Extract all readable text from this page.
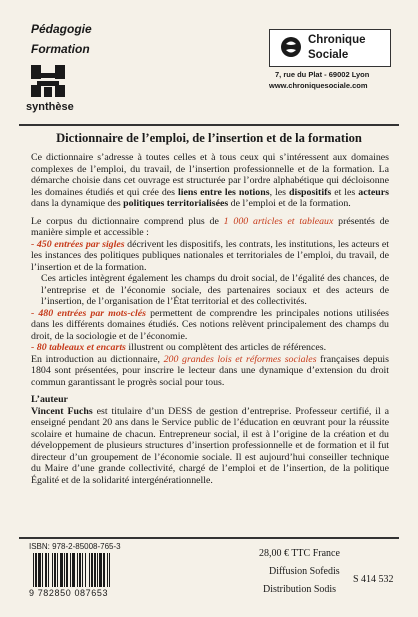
Pédagogie
Formation
synthèse
Chronique
Sociale
7, rue du Plat - 69002 Lyon
www.chroniquesociale.com
Dictionnaire de l’emploi, de l’insertion et de la formation

Ce dictionnaire s’adresse à toutes celles et à tous ceux qui s’intéressent aux domaines complexes de l’emploi, du travail, de l’insertion professionnelle et de la formation. La démarche choisie dans cet ouvrage est structurée par l’ordre alphabétique qui décloisonne les domaines étudiés et qui crée des liens entre les notions, les dispositifs et les acteurs dans la dynamique des politiques territorialisées de l’emploi et de la formation.

Le corpus du dictionnaire comprend plus de 1 000 articles et tableaux présentés de manière simple et accessible :

- 450 entrées par sigles décrivent les dispositifs, les contrats, les institutions, les acteurs et les instances des politiques publiques nationales et territoriales de l’emploi, du travail, de l’insertion et de la formation.

Ces articles intègrent également les champs du droit social, de l’égalité des chances, de l’entreprise et de l’économie sociale, des partenaires sociaux et des acteurs de l’insertion, de l’organisation de l’État territorial et des collectivités.

- 480 entrées par mots-clés permettent de comprendre les principales notions utilisées dans les différents domaines étudiés. Ces notions relèvent principalement des champs du droit, de la sociologie et de l’économie.

- 80 tableaux et encarts illustrent ou complètent des articles de références.

En introduction au dictionnaire, 200 grandes lois et réformes sociales françaises depuis 1804 sont présentées, pour inscrire le lecteur dans une dynamique d’extension du droit commun garantissant le progrès social pour tous.

L’auteur

Vincent Fuchs est titulaire d’un DESS de gestion d’entreprise. Professeur certifié, il a enseigné pendant 20 ans dans le Service public de l’éducation en œuvrant pour la réussite scolaire et humaine de chacun. Entrepreneur social, il est à l’origine de la création et du développement de plusieurs structures d’insertion professionnelle et de formation et il fut directeur d’un groupement de l’économie sociale. Il est aujourd’hui conseiller technique du Maire d’une grande collectivité, chargé de l’emploi et de l’insertion, de la politique Égalité et de la solidarité intergénérationnelle.

ISBN: 978-2-85008-765-3
9 782850 087653
28,00 € TTC France
Diffusion Sofedis
Distribution Sodis
S 414 532
